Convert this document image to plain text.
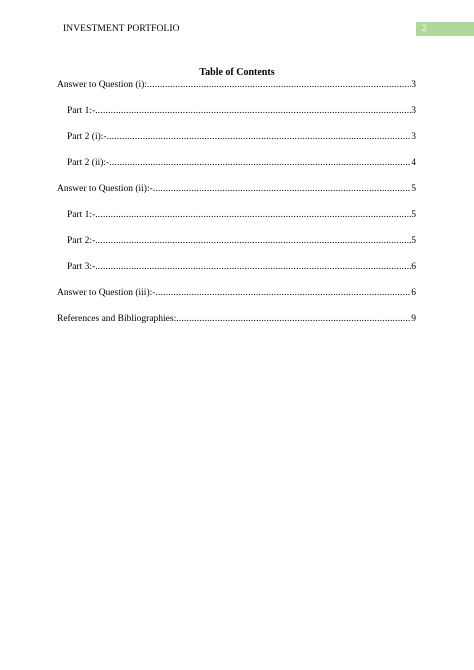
INVESTMENT PORTFOLIO	2
Table of Contents
Answer to Question (i): .....	3
Part 1:- .....	3
Part 2 (i):- .....	3
Part 2 (ii):- .....	4
Answer to Question (ii):- .....	5
Part 1:- .....	5
Part 2:- .....	5
Part 3:- .....	6
Answer to Question (iii):- .....	6
References and Bibliographies: .....	9
